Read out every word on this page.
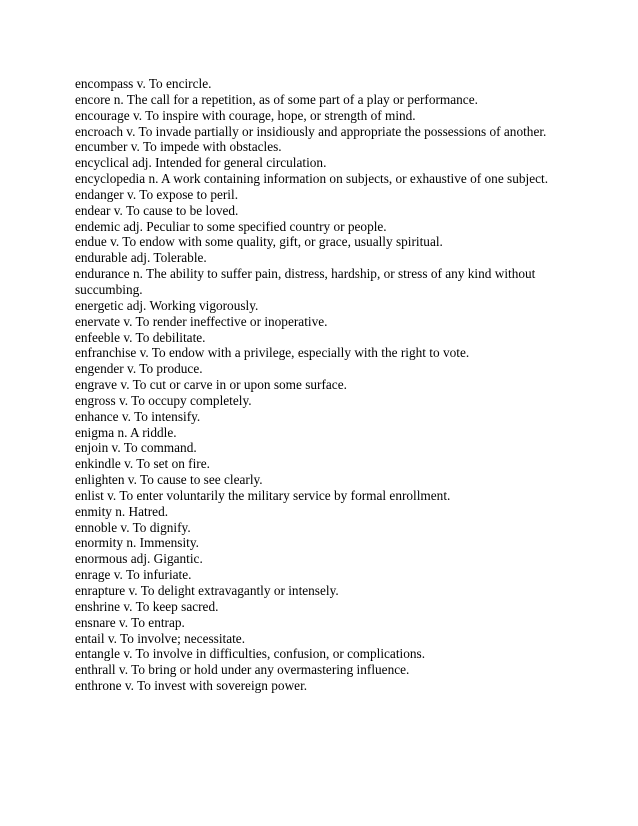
encompass v. To encircle.

encore n. The call for a repetition, as of some part of a play or performance.

encourage v. To inspire with courage, hope, or strength of mind.

encroach v. To invade partially or insidiously and appropriate the possessions of another.

encumber v. To impede with obstacles.

encyclical adj. Intended for general circulation.

encyclopedia n. A work containing information on subjects, or exhaustive of one subject.

endanger v. To expose to peril.

endear v. To cause to be loved.

endemic adj. Peculiar to some specified country or people.

endue v. To endow with some quality, gift, or grace, usually spiritual.

endurable adj. Tolerable.

endurance n. The ability to suffer pain, distress, hardship, or stress of any kind without succumbing.

energetic adj. Working vigorously.

enervate v. To render ineffective or inoperative.

enfeeble v. To debilitate.

enfranchise v. To endow with a privilege, especially with the right to vote.

engender v. To produce.

engrave v. To cut or carve in or upon some surface.

engross v. To occupy completely.

enhance v. To intensify.

enigma n. A riddle.

enjoin v. To command.

enkindle v. To set on fire.

enlighten v. To cause to see clearly.

enlist v. To enter voluntarily the military service by formal enrollment.

enmity n. Hatred.

ennoble v. To dignify.

enormity n. Immensity.

enormous adj. Gigantic.

enrage v. To infuriate.

enrapture v. To delight extravagantly or intensely.

enshrine v. To keep sacred.

ensnare v. To entrap.

entail v. To involve; necessitate.

entangle v. To involve in difficulties, confusion, or complications.

enthrall v. To bring or hold under any overmastering influence.

enthrone v. To invest with sovereign power.
